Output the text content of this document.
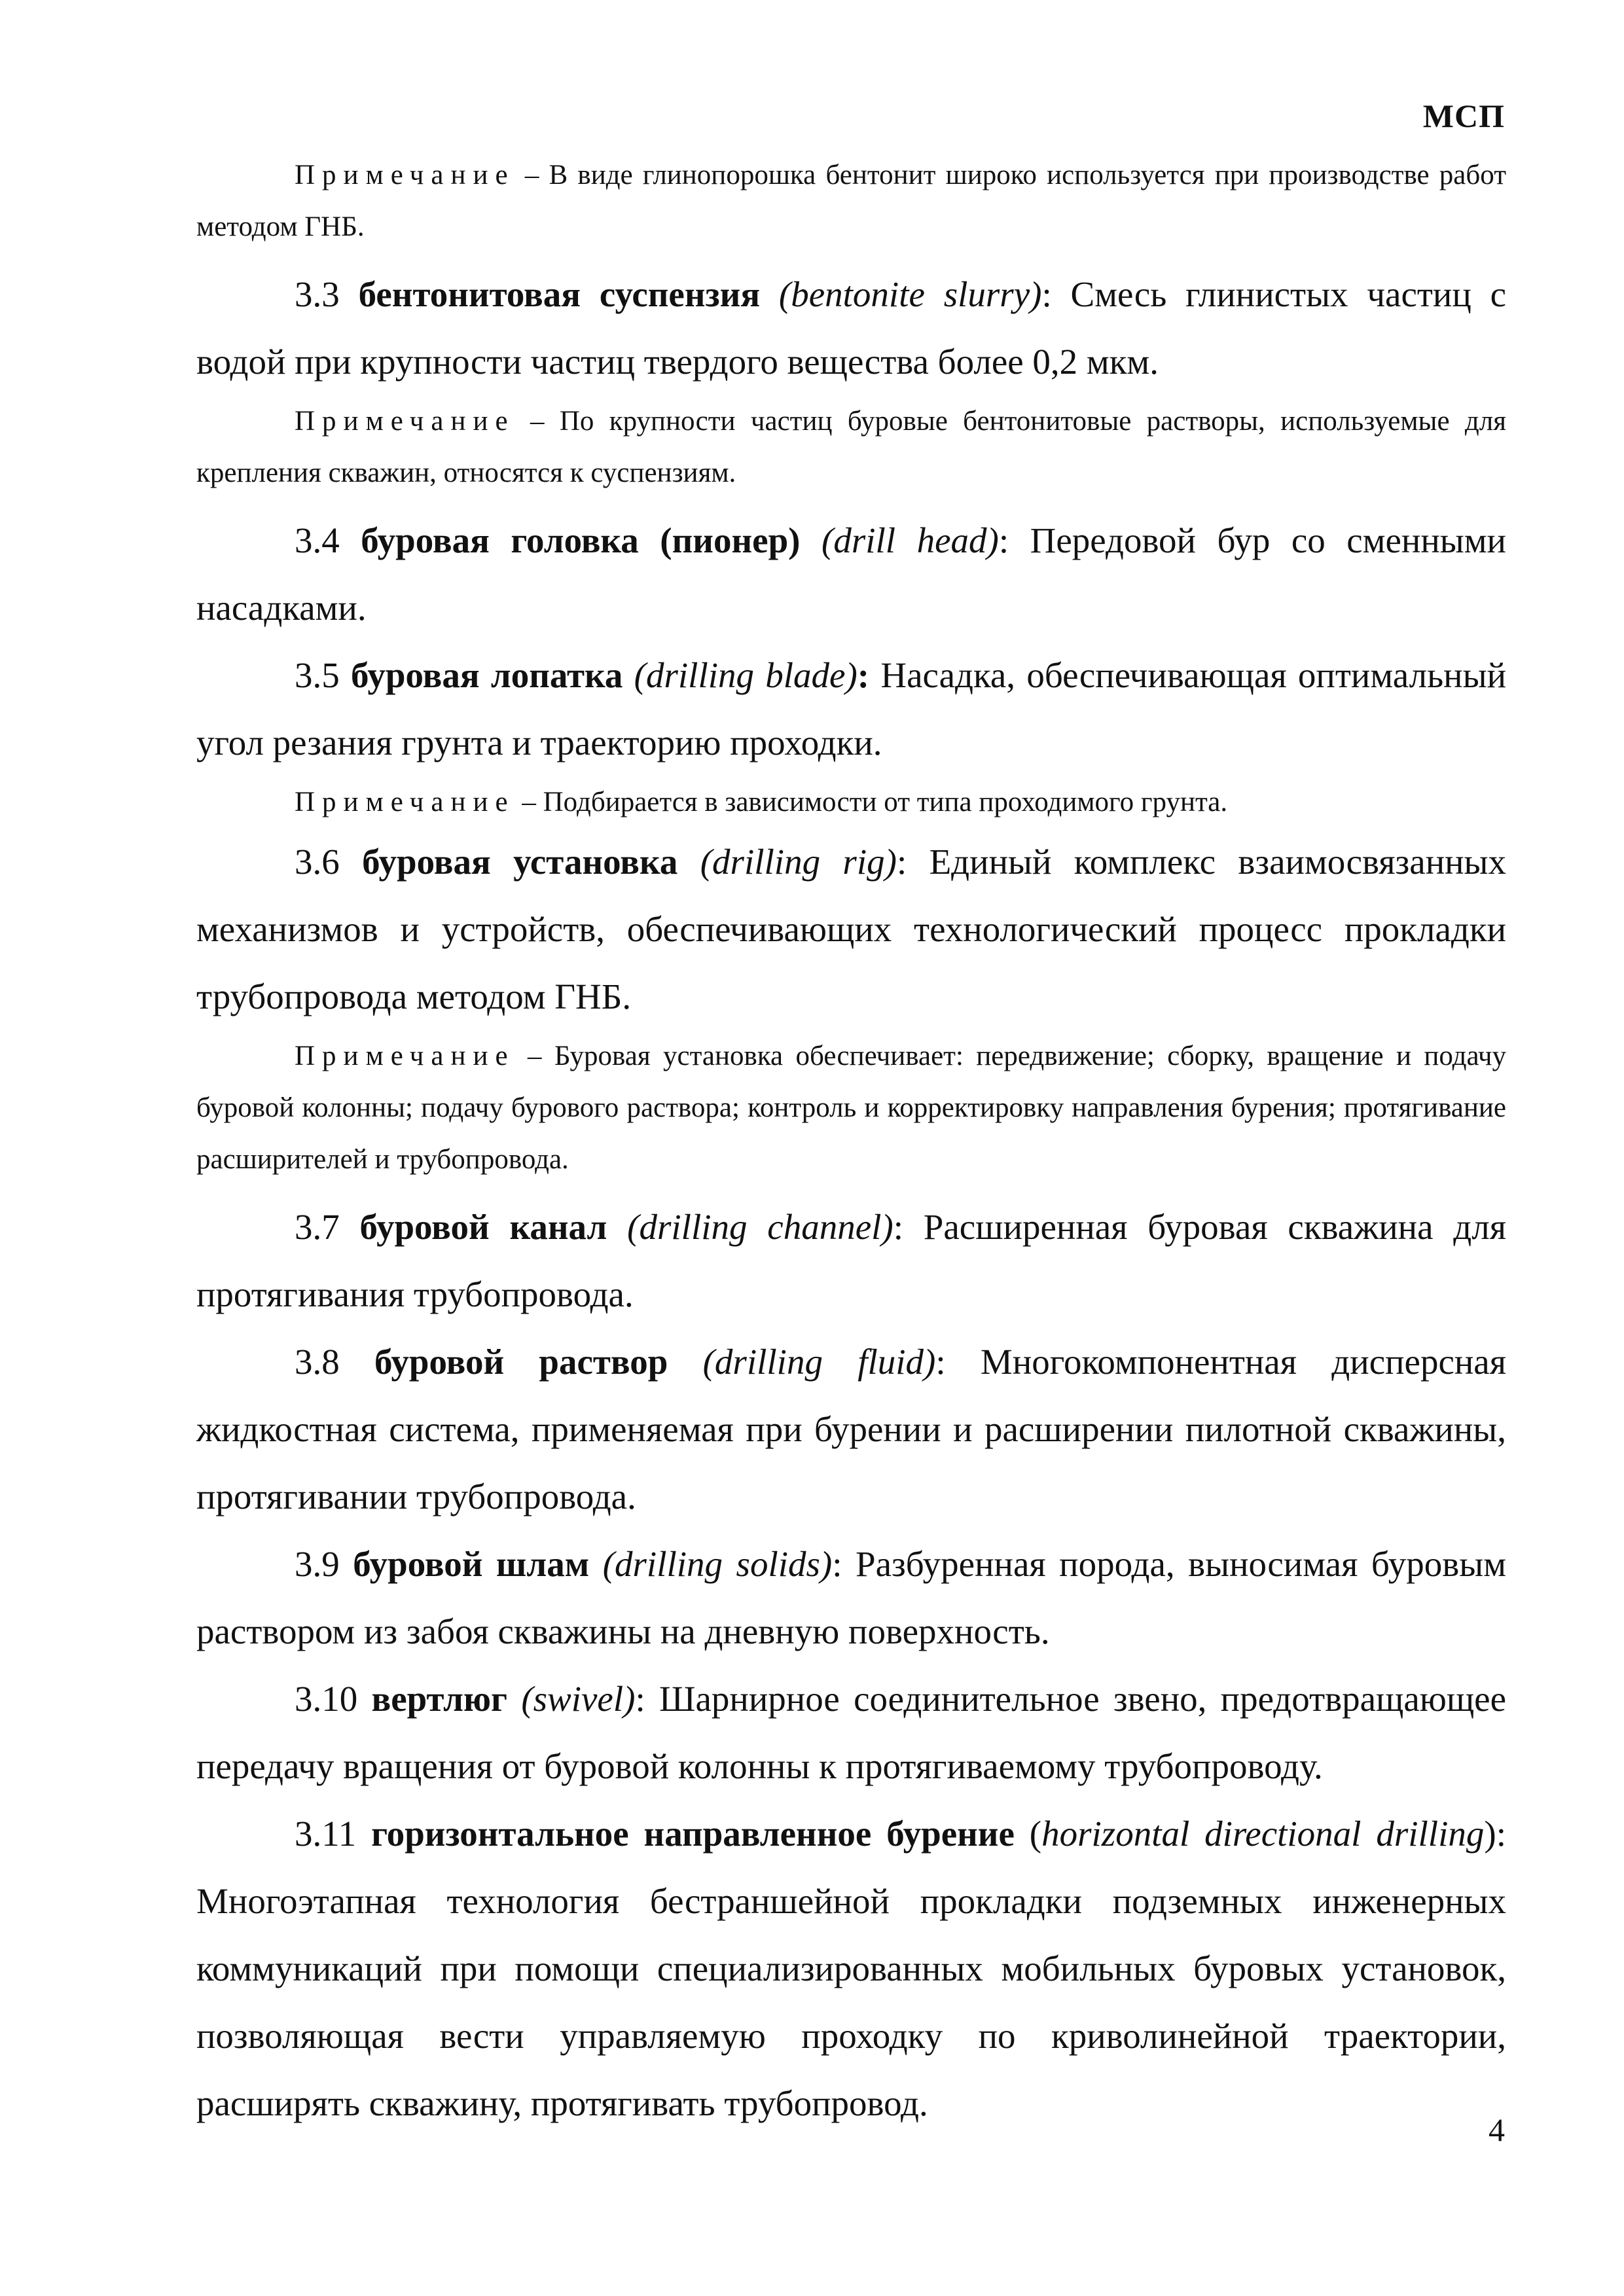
МСП

Примечание – В виде глинопорошка бентонит широко используется при производстве работ методом ГНБ.

3.3 бентонитовая суспензия (bentonite slurry): Смесь глинистых частиц с водой при крупности частиц твердого вещества более 0,2 мкм.

Примечание – По крупности частиц буровые бентонитовые растворы, используемые для крепления скважин, относятся к суспензиям.

3.4 буровая головка (пионер) (drill head): Передовой бур со сменными насадками.

3.5 буровая лопатка (drilling blade): Насадка, обеспечивающая оптимальный угол резания грунта и траекторию проходки.

Примечание – Подбирается в зависимости от типа проходимого грунта.

3.6 буровая установка (drilling rig): Единый комплекс взаимосвязанных механизмов и устройств, обеспечивающих технологический процесс прокладки трубопровода методом ГНБ.

Примечание – Буровая установка обеспечивает: передвижение; сборку, вращение и подачу буровой колонны; подачу бурового раствора; контроль и корректировку направления бурения; протягивание расширителей и трубопровода.

3.7 буровой канал (drilling channel): Расширенная буровая скважина для протягивания трубопровода.

3.8 буровой раствор (drilling fluid): Многокомпонентная дисперсная жидкостная система, применяемая при бурении и расширении пилотной скважины, протягивании трубопровода.

3.9 буровой шлам (drilling solids): Разбуренная порода, выносимая буровым раствором из забоя скважины на дневную поверхность.

3.10 вертлюг (swivel): Шарнирное соединительное звено, предотвращающее передачу вращения от буровой колонны к протягиваемому трубопроводу.

3.11 горизонтальное направленное бурение (horizontal directional drilling): Многоэтапная технология бестраншейной прокладки подземных инженерных коммуникаций при помощи специализированных мобильных буровых установок, позволяющая вести управляемую проходку по криволинейной траектории, расширять скважину, протягивать трубопровод.

4
